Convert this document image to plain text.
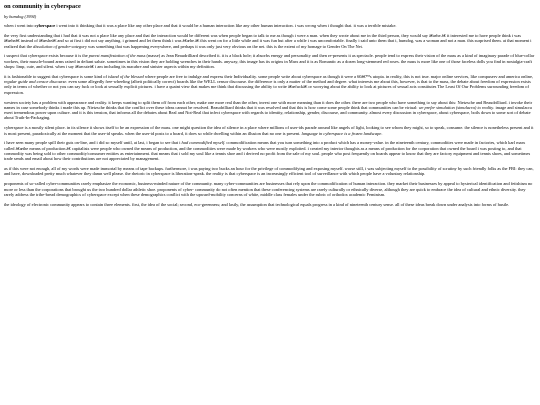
on community in cyberspace
by humdog (1994)

when i went into cyberspace i went into it thinking that it was a place like any other place and that it would be a human interaction like any other human interaction. i was wrong when i thought that. it was a terrible mistake.

the very first understanding that i had that it was not a place like any place and that the interaction would be different was when people began to talk to me as though i were a man. when they wrote about me in the third person, they would say â€œhe.â€ it interested me to have people think i was â€œheâ€ instead of â€œsheâ€ and so at first i did not say anything. i grinned and let them think i was â€œhe.â€ this went on for a little while and it was fun but after a while i was uncomfortable. finally i said unto them that i, humdog, was a woman and not a man. this surprised them. at that moment i realized that the dissolution of gender-category was something that was happening everywhere, and perhaps it was only just very obvious on the net. this is the extent of my homage to Gender On The Net.

i suspect that cyberspace exists because it is the purest manifestation of the mass (masse) as Jean Beaudrilliard described it. it is a black hole; it absorbs energy and personality and then re-presents it as spectacle. people tend to express their vision of the mass as a kind of imaginary parade of blue-collar workers, their muscle-bound arms raised in defiant salute. sometimes in this vision they are holding wrenches in their hands. anyway, this image has its origins in Marx and it is as Romantic as a dozen long-stemmed red roses. the mass is more like one of those faceless dolls you find in nostalgia-craft shops: limp, cute, and silent. when i say â€œcuteâ€ i am including its macabre and sinister aspects within my definition.

it is fashionable to suggest that cyberspace is some kind of island of the blessed where people are free to indulge and express their Individuality. some people write about cyberspace as though it were a 60â€™s utopia. in reality, this is not true. major online services, like compuserv and america online, regular guide and censor discourse. even some allegedly free-wheeling (albeit politically correct) boards like the WELL censor discourse. the difference is only a matter of the method and degree. what interests me about this, however, is that to the mass, the debate about freedom of expression exists only in terms of whether or not you can say fuck or look at sexually explicit pictures. i have a quaint view that makes me think that discussing the ability to write â€œfuckâ€ or worrying about the ability to look at pictures of sexual acts constitutes The Least Of Our Problems surrounding freedom of expression.

western society has a problem with appearance and reality. it keeps wanting to split them off from each other, make one more real than the other, invest one with more meaning than it does the other. there are two people who have something to say about this: Nietzsche and Beaudrilliard. i invoke their names in case somebody thinks i made this up. Nietzsche thinks that the conflict over these ideas cannot be resolved. Beaudrilliard thinks that it was resolved and that this is how come some people think that communities can be virtual: we prefer simulation (simulacra) to reality. image and simulacra exert tremendous power upon culture. and it is this tension, that informs all the debates about Real and Not-Real that infect cyberspace with regards to identity, relationship, gender, discourse, and community. almost every discussion in cyberspace, about cyberspace, boils down to some sort of debate about Truth-In-Packaging.

cyberspace is a mostly silent place. in its silence it shows itself to be an expression of the mass. one might question the idea of silence in a place where millions of user-ids parade around like angels of light, looking to see whom they might, so to speak, consume. the silence is nonetheless present and it is most present, paradoxically at the moment that the user-id speaks. when the user-id posts to a board, it does so while dwelling within an illusion that no one is present. language in cyberspace is a frozen landscape.

i have seen many people spill their guts on-line, and i did so myself until, at last, i began to see that i had commodified myself. commodification means that you turn something into a product which has a money-value. in the nineteenth century, commodities were made in factories, which karl marx called â€œthe means of production.â€ capitalists were people who owned the means of production, and the commodities were made by workers who were mostly exploited. i created my interior thoughts as a means of production for the corporation that owned the board i was posting to, and that commodity was being sold to other commodity/consumer entities as entertainment. that means that i sold my soul like a tennis shoe and i derived no profit from the sale of my soul. people who post frequently on boards appear to know that they are factory equipment and tennis shoes, and sometimes trade sends and email about how their contributions are not appreciated by management.

as if this were not enough, all of my words were made immortal by means of tape backups. furthermore, i was paying two bucks an hour for the privilege of commodifying and exposing myself. worse still, i was subjecting myself to the possibility of scrutiny by such friendly folks as the FBI: they can, and have, downloaded pretty much whatever they damn well please. the rhetoric in cyberspace is liberation-speak. the reality is that cyberspace is an increasingly efficient tool of surveillance with which people have a voluntary relationship.

proponents of so-called cyber-communities rarely emphasize the economic, business-minded nature of the community. many cyber-communities are businesses that rely upon the commodification of human interaction. they market their businesses by appeal to hysterical identification and fetishism no more or less than the corporations that brought us the two hundred dollar athletic shoe. proponents of cyber- community do not often mention that these conferencing systems are rarely culturally or ethnically diverse, although they are quick to embrace the idea of cultural and ethnic diversity. they rarely address the tribe-bread demographics of cyberspace except when these demographics conflict with the upward-mobility concerns of white, middle class females under the rubric of orthodox academic Feminism.

the ideology of electronic community appears to contain three elements. first, the idea of the social; second, eco-greenness; and lastly, the assumption that technological equals progress in a kind of nineteenth century sense. all of these ideas break down under analysis into forms of hustle.
